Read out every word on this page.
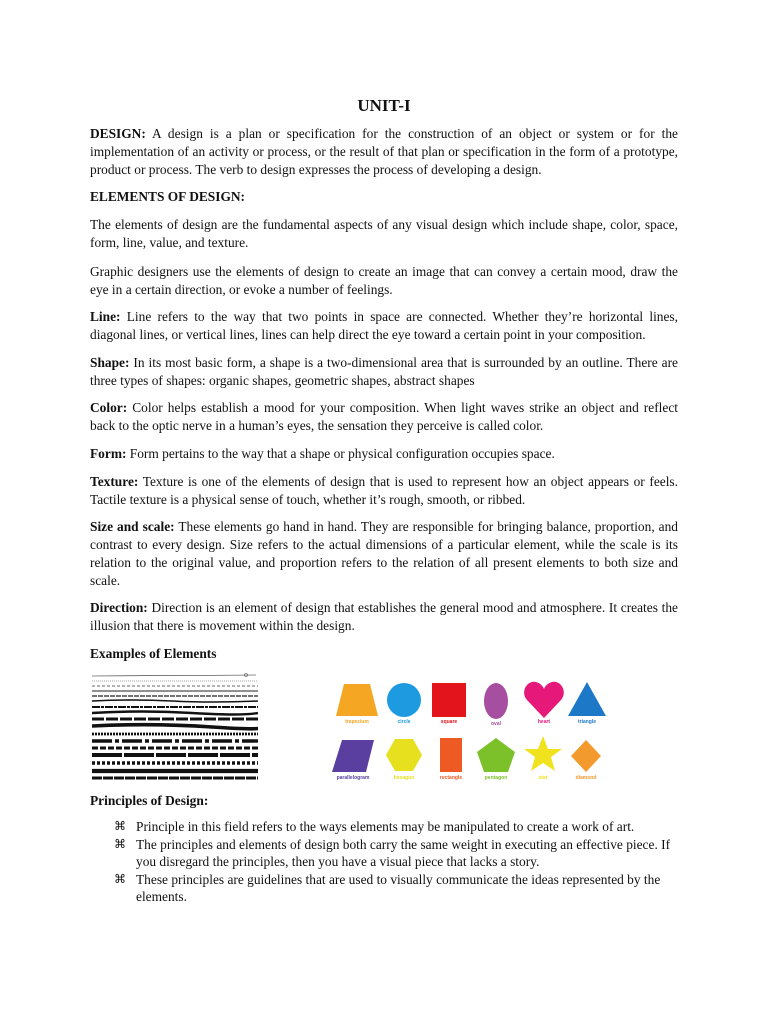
UNIT-I

DESIGN: A design is a plan or specification for the construction of an object or system or for the implementation of an activity or process, or the result of that plan or specification in the form of a prototype, product or process. The verb to design expresses the process of developing a design.

ELEMENTS OF DESIGN:

The elements of design are the fundamental aspects of any visual design which include shape, color, space, form, line, value, and texture.

Graphic designers use the elements of design to create an image that can convey a certain mood, draw the eye in a certain direction, or evoke a number of feelings.

Line: Line refers to the way that two points in space are connected. Whether they’re horizontal lines, diagonal lines, or vertical lines, lines can help direct the eye toward a certain point in your composition.

Shape: In its most basic form, a shape is a two-dimensional area that is surrounded by an outline. There are three types of shapes: organic shapes, geometric shapes, abstract shapes

Color: Color helps establish a mood for your composition. When light waves strike an object and reflect back to the optic nerve in a human’s eyes, the sensation they perceive is called color.

Form: Form pertains to the way that a shape or physical configuration occupies space.

Texture: Texture is one of the elements of design that is used to represent how an object appears or feels. Tactile texture is a physical sense of touch, whether it’s rough, smooth, or ribbed.

Size and scale: These elements go hand in hand. They are responsible for bringing balance, proportion, and contrast to every design. Size refers to the actual dimensions of a particular element, while the scale is its relation to the original value, and proportion refers to the relation of all present elements to both size and scale.

Direction: Direction is an element of design that establishes the general mood and atmosphere. It creates the illusion that there is movement within the design.

Examples of Elements

Principles of Design:

⌘ Principle in this field refers to the ways elements may be manipulated to create a work of art.
⌘ The principles and elements of design both carry the same weight in executing an effective piece. If you disregard the principles, then you have a visual piece that lacks a story.
⌘ These principles are guidelines that are used to visually communicate the ideas represented by the elements.
trapezium	circle	square	oval	heart	triangle
parallelogram	hexagon	rectangle	pentagon	star	diamond
